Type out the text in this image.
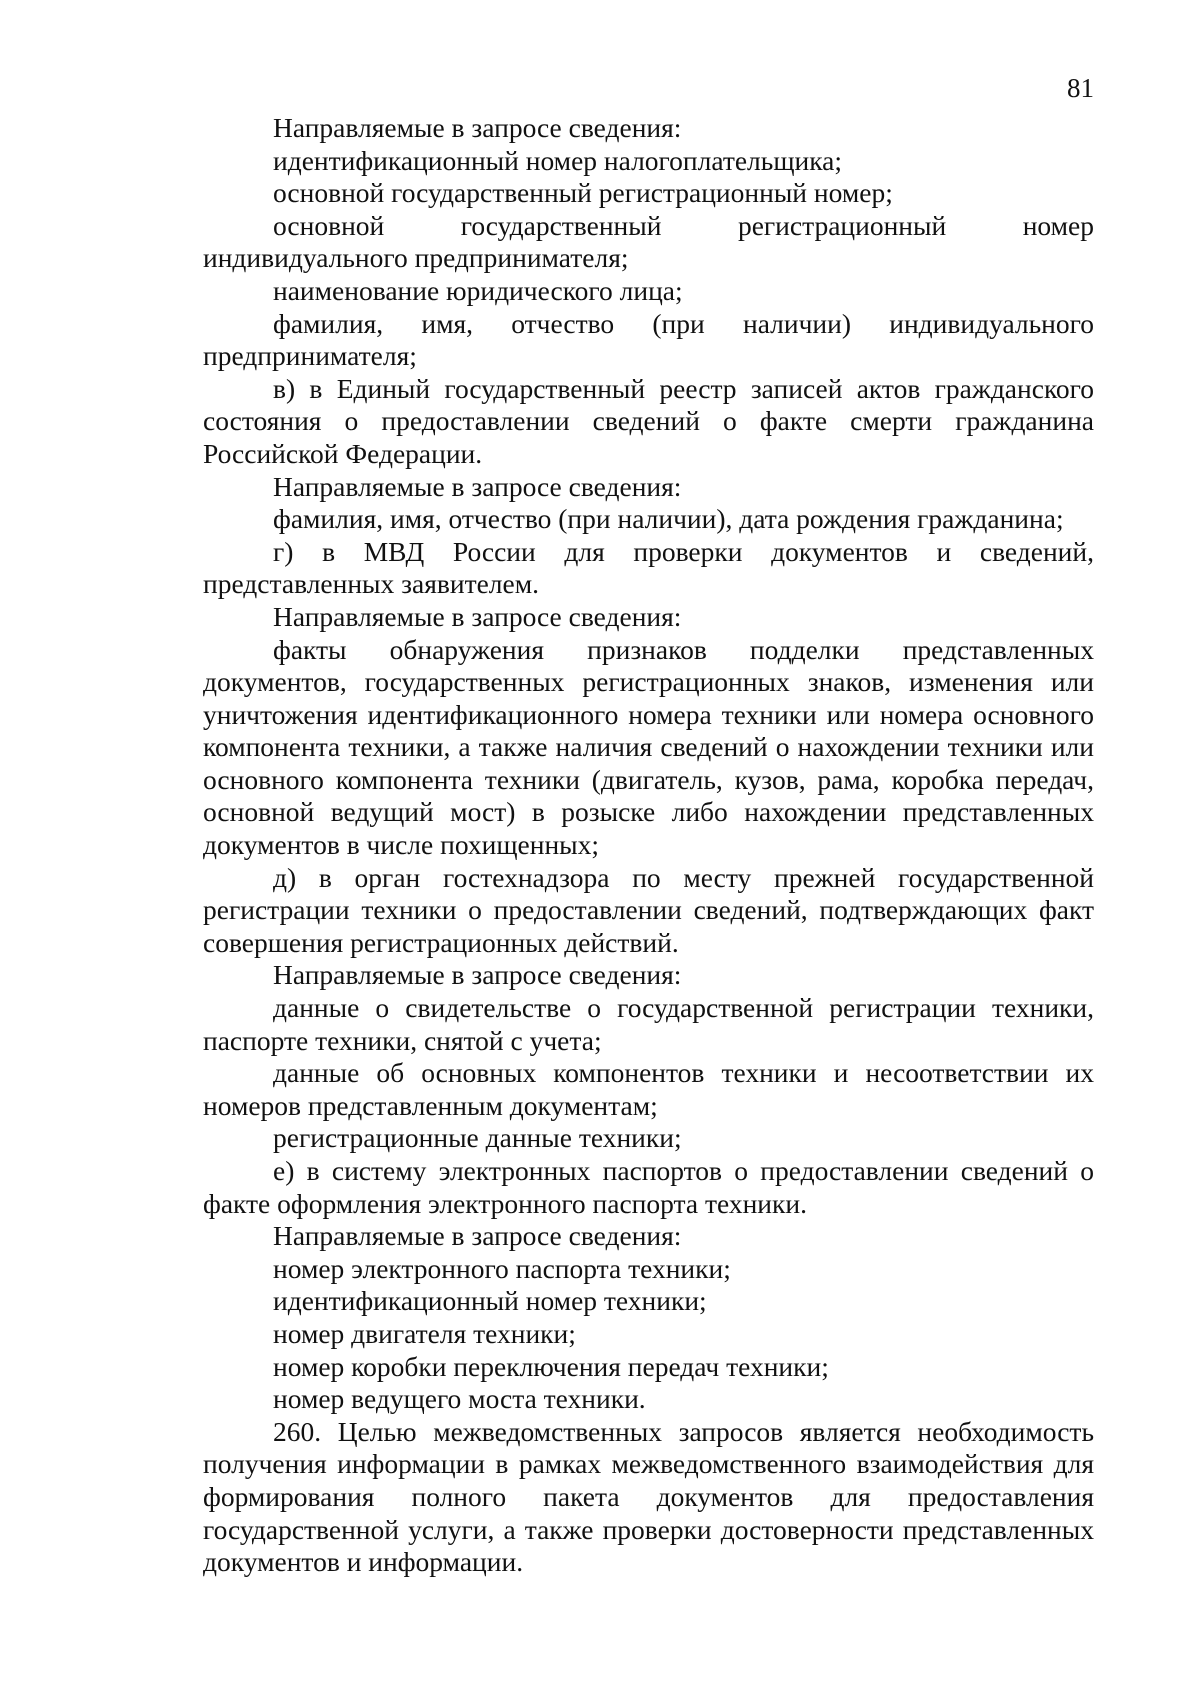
81

Направляемые в запросе сведения:

идентификационный номер налогоплательщика;

основной государственный регистрационный номер;

основной государственный регистрационный номер индивидуального предпринимателя;

наименование юридического лица;

фамилия, имя, отчество (при наличии) индивидуального предпринимателя;

в) в Единый государственный реестр записей актов гражданского состояния о предоставлении сведений о факте смерти гражданина Российской Федерации.

Направляемые в запросе сведения:

фамилия, имя, отчество (при наличии), дата рождения гражданина;

г) в МВД России для проверки документов и сведений, представленных заявителем.

Направляемые в запросе сведения:

факты обнаружения признаков подделки представленных документов, государственных регистрационных знаков, изменения или уничтожения идентификационного номера техники или номера основного компонента техники, а также наличия сведений о нахождении техники или основного компонента техники (двигатель, кузов, рама, коробка передач, основной ведущий мост) в розыске либо нахождении представленных документов в числе похищенных;

д) в орган гостехнадзора по месту прежней государственной регистрации техники о предоставлении сведений, подтверждающих факт совершения регистрационных действий.

Направляемые в запросе сведения:

данные о свидетельстве о государственной регистрации техники, паспорте техники, снятой с учета;

данные об основных компонентов техники и несоответствии их номеров представленным документам;

регистрационные данные техники;

е) в систему электронных паспортов о предоставлении сведений о факте оформления электронного паспорта техники.

Направляемые в запросе сведения:

номер электронного паспорта техники;

идентификационный номер техники;

номер двигателя техники;

номер коробки переключения передач техники;

номер ведущего моста техники.

260. Целью межведомственных запросов является необходимость получения информации в рамках межведомственного взаимодействия для формирования полного пакета документов для предоставления государственной услуги, а также проверки достоверности представленных документов и информации.
